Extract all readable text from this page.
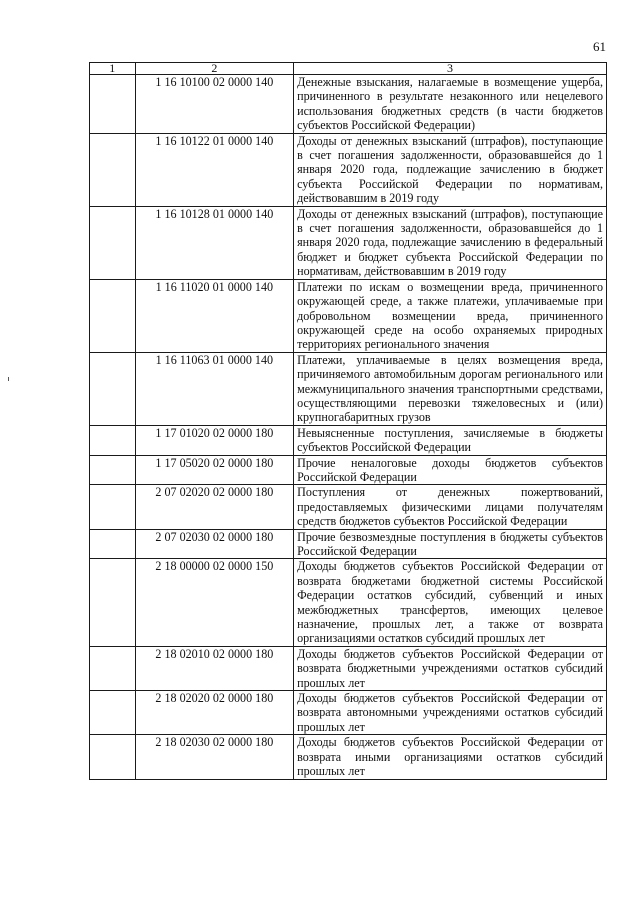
61
1	2	3
	1 16 10100 02 0000 140	Денежные взыскания, налагаемые в возмещение ущерба, причиненного в результате незаконного или нецелевого использования бюджетных средств (в части бюджетов субъектов Российской Федерации)
	1 16 10122 01 0000 140	Доходы от денежных взысканий (штрафов), поступающие в счет погашения задолженности, образовавшейся до 1 января 2020 года, подлежащие зачислению в бюджет субъекта Российской Федерации по нормативам, действовавшим в 2019 году
	1 16 10128 01 0000 140	Доходы от денежных взысканий (штрафов), поступающие в счет погашения задолженности, образовавшейся до 1 января 2020 года, подлежащие зачислению в федеральный бюджет и бюджет субъекта Российской Федерации по нормативам, действовавшим в 2019 году
	1 16 11020 01 0000 140	Платежи по искам о возмещении вреда, причиненного окружающей среде, а также платежи, уплачиваемые при добровольном возмещении вреда, причиненного окружающей среде на особо охраняемых природных территориях регионального значения
	1 16 11063 01 0000 140	Платежи, уплачиваемые в целях возмещения вреда, причиняемого автомобильным дорогам регионального или межмуниципального значения транспортными средствами, осуществляющими перевозки тяжеловесных и (или) крупногабаритных грузов
	1 17 01020 02 0000 180	Невыясненные поступления, зачисляемые в бюджеты субъектов Российской Федерации
	1 17 05020 02 0000 180	Прочие неналоговые доходы бюджетов субъектов Российской Федерации
	2 07 02020 02 0000 180	Поступления от денежных пожертвований, предоставляемых физическими лицами получателям средств бюджетов субъектов Российской Федерации
	2 07 02030 02 0000 180	Прочие безвозмездные поступления в бюджеты субъектов Российской Федерации
	2 18 00000 02 0000 150	Доходы бюджетов субъектов Российской Федерации от возврата бюджетами бюджетной системы Российской Федерации остатков субсидий, субвенций и иных межбюджетных трансфертов, имеющих целевое назначение, прошлых лет, а также от возврата организациями остатков субсидий прошлых лет
	2 18 02010 02 0000 180	Доходы бюджетов субъектов Российской Федерации от возврата бюджетными учреждениями остатков субсидий прошлых лет
	2 18 02020 02 0000 180	Доходы бюджетов субъектов Российской Федерации от возврата автономными учреждениями остатков субсидий прошлых лет
	2 18 02030 02 0000 180	Доходы бюджетов субъектов Российской Федерации от возврата иными организациями остатков субсидий прошлых лет
